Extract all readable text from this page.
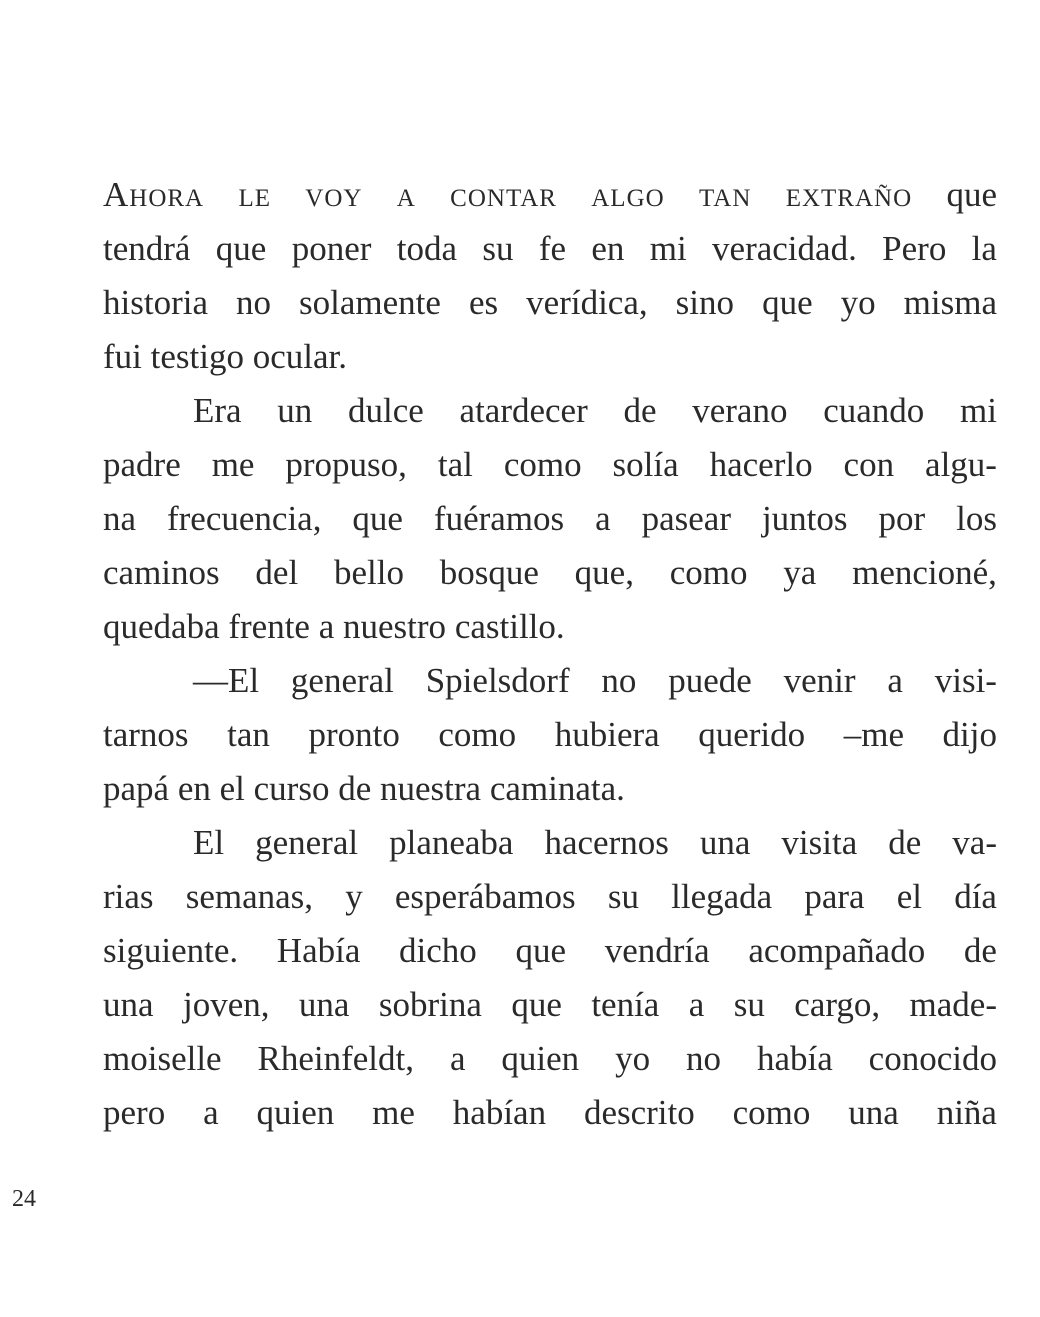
Ahora le voy a contar algo tan extraño que
tendrá que poner toda su fe en mi veracidad. Pero la
historia no solamente es verídica, sino que yo misma
fui testigo ocular.
Era un dulce atardecer de verano cuando mi
padre me propuso, tal como solía hacerlo con algu-
na frecuencia, que fuéramos a pasear juntos por los
caminos del bello bosque que, como ya mencioné,
quedaba frente a nuestro castillo.
—El general Spielsdorf no puede venir a visi-
tarnos tan pronto como hubiera querido –me dijo
papá en el curso de nuestra caminata.
El general planeaba hacernos una visita de va-
rias semanas, y esperábamos su llegada para el día
siguiente. Había dicho que vendría acompañado de
una joven, una sobrina que tenía a su cargo, made-
moiselle Rheinfeldt, a quien yo no había conocido
pero a quien me habían descrito como una niña
24
